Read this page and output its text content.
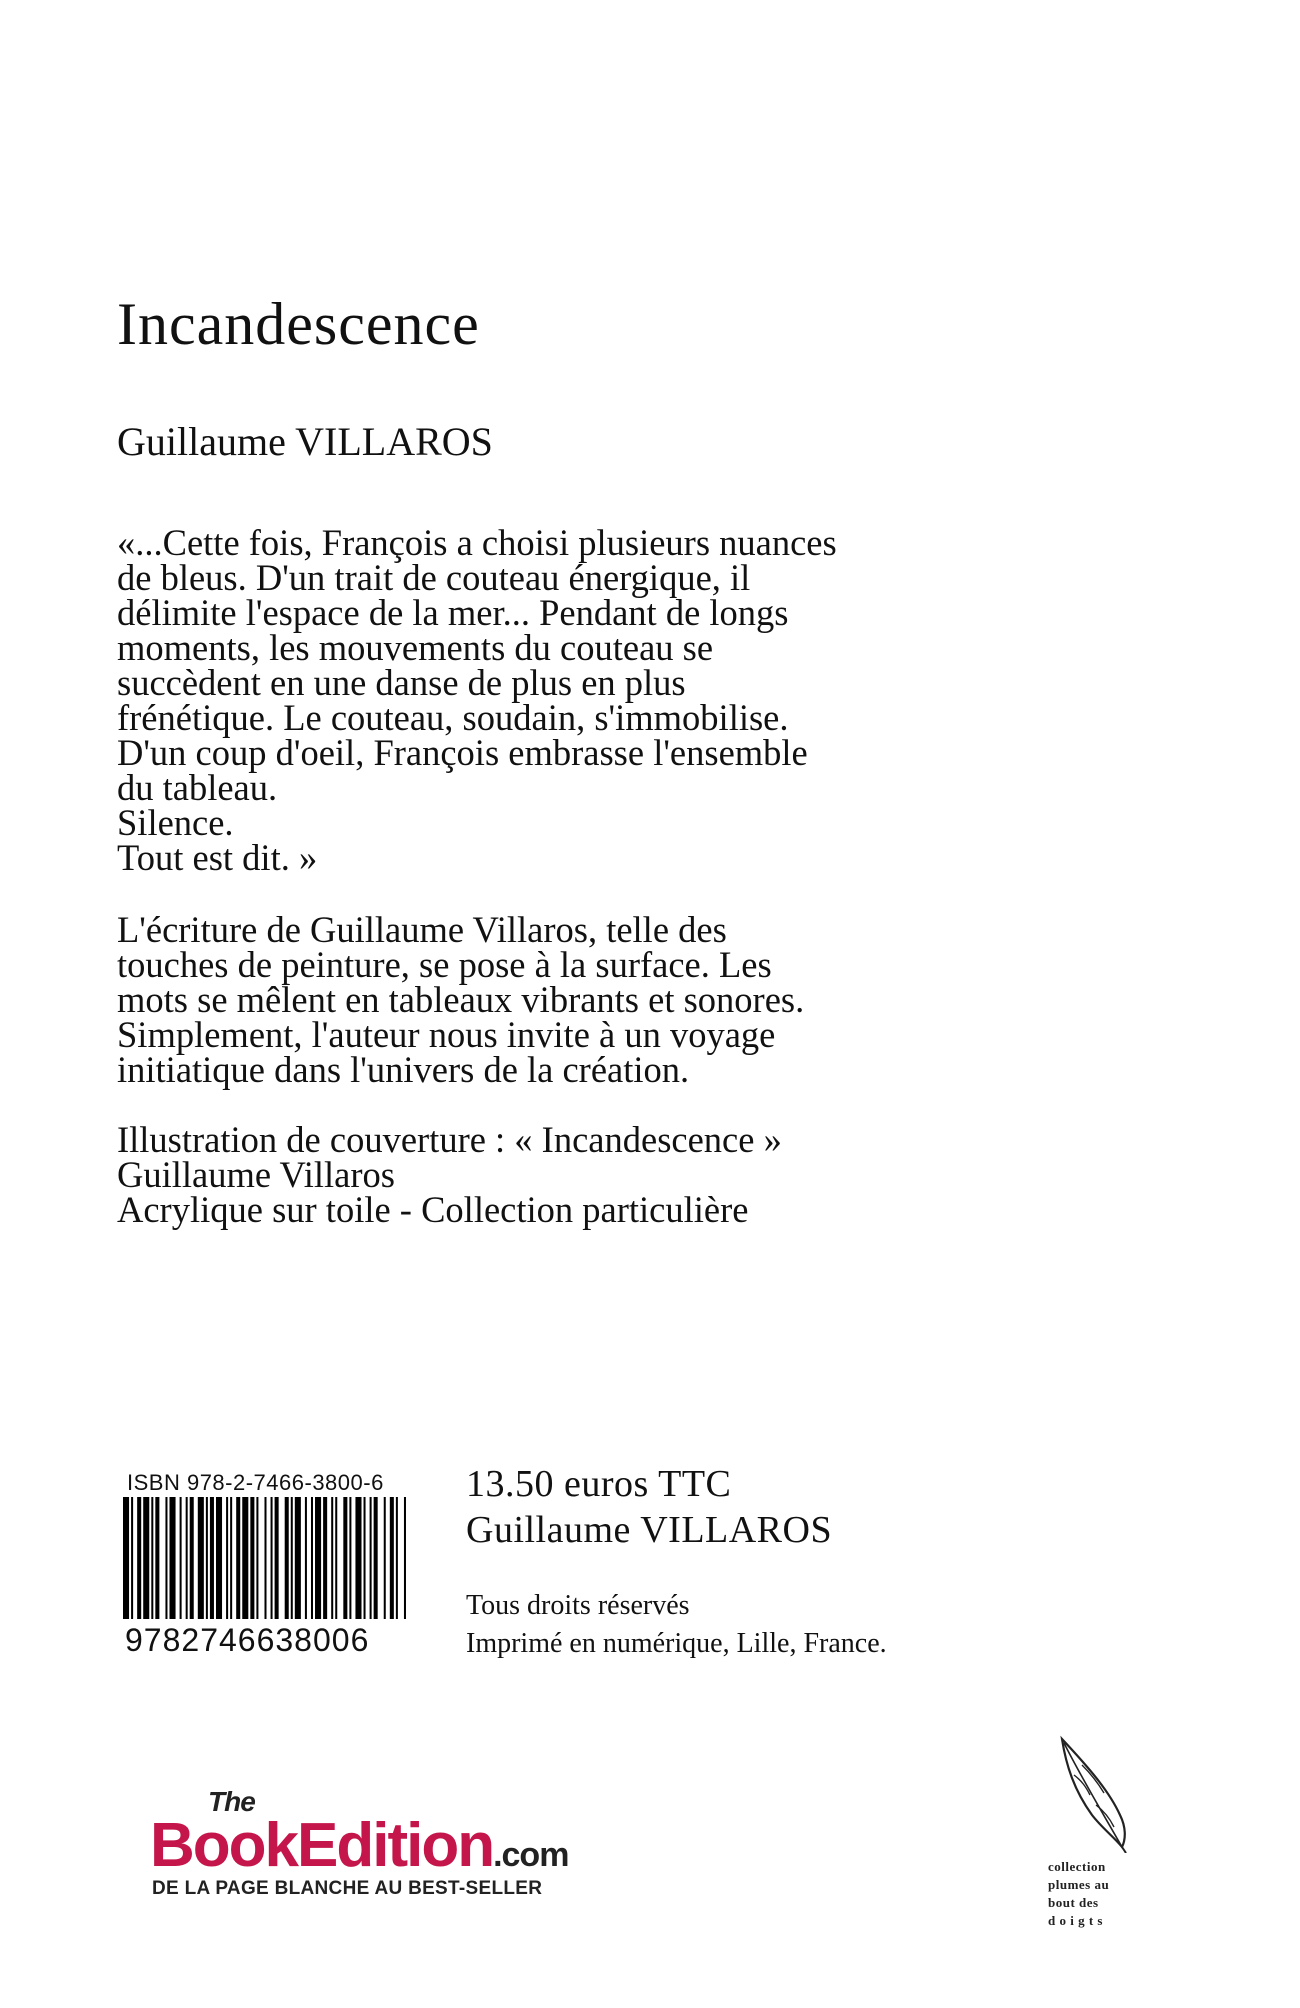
Incandescence
Guillaume VILLAROS
«...Cette fois, François a choisi plusieurs nuances
de bleus. D'un trait de couteau énergique, il
délimite l'espace de la mer... Pendant de longs
moments, les mouvements du couteau se
succèdent en une danse de plus en plus
frénétique. Le couteau, soudain, s'immobilise.
D'un coup d'oeil, François embrasse l'ensemble
du tableau.
Silence.
Tout est dit. »
L'écriture de Guillaume Villaros, telle des
touches de peinture, se pose à la surface. Les
mots se mêlent en tableaux vibrants et sonores.
Simplement, l'auteur nous invite à un voyage
initiatique dans l'univers de la création.
Illustration de couverture : « Incandescence »
Guillaume Villaros
Acrylique sur toile - Collection particulière
ISBN 978-2-7466-3800-6
9782746638006
13.50 euros TTC
Guillaume VILLAROS
Tous droits réservés
Imprimé en numérique, Lille, France.
The
BookEdition.com
DE LA PAGE BLANCHE AU BEST-SELLER
collection
plumes au
bout des
d o i g t s
